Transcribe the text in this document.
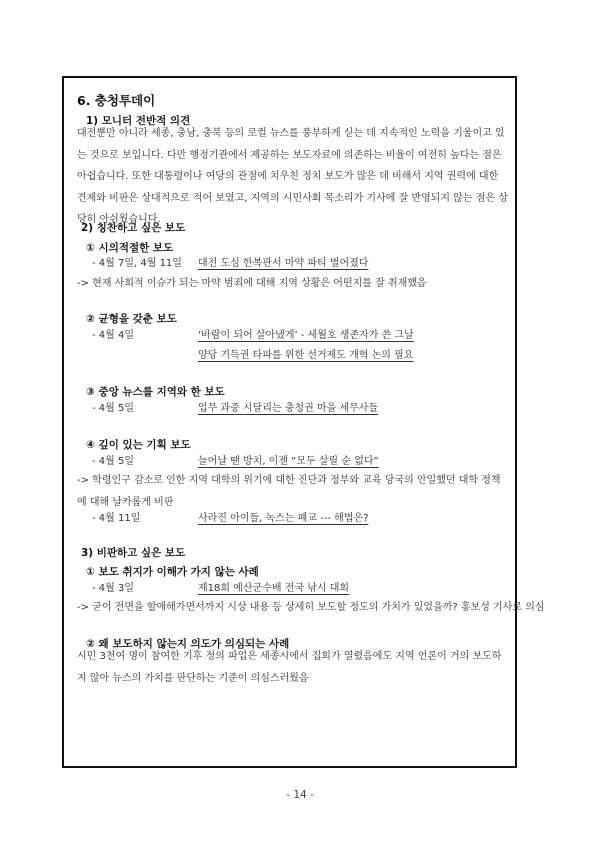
6. 충청투데이
1) 모니터 전반적 의견
대전뿐만 아니라 세종, 충남, 충북 등의 로컬 뉴스를 풍부하게 싣는 데 지속적인 노력을 기울이고 있는 것으로 보입니다. 다만 행정기관에서 제공하는 보도자료에 의존하는 비율이 여전히 높다는 점은 아쉽습니다. 또한 대통령이나 여당의 관점에 치우친 정치 보도가 많은 데 비해서 지역 권력에 대한 견제와 비판은 상대적으로 적어 보였고, 지역의 시민사회 목소리가 기사에 잘 반영되지 않는 점은 상당히 아쉬웠습니다.
2) 칭찬하고 싶은 보도
① 시의적절한 보도
- 4월 7일, 4월 11일 대전 도심 한복판서 마약 파티 벌어졌다
-> 현재 사회적 이슈가 되는 마약 범죄에 대해 지역 상황은 어떤지를 잘 취재했음
② 균형을 갖춘 보도
- 4월 4일	‘바람이 되어 살아냈게’ - 세월호 생존자가 쓴 그날
양당 기득권 타파를 위한 선거제도 개혁 논의 필요
③ 중앙 뉴스를 지역와 한 보도
- 4월 5일	업무 과중 시달리는 충청권 마을 세무사들
④ 깊이 있는 기획 보도
- 4월 5일	늘어날 땐 방치, 이젠 “모두 살릴 순 없다”
-> 학령인구 감소로 인한 지역 대학의 위기에 대한 진단과 정부와 교육 당국의 안일했던 대학 정책에 대해 날카롭게 비판
- 4월 11일	사라진 아이들, 녹스는 폐교 --- 해법은?
3) 비판하고 싶은 보도
① 보도 취지가 이해가 가지 않는 사례
- 4월 3일	제18회 예산군수배 전국 낚시 대회
-> 굳이 전면을 할애해가면서까지 시상 내용 등 상세히 보도할 정도의 가치가 있었을까? 홍보성 기사로 의심
② 왜 보도하지 않는지 의도가 의심되는 사례
시민 3천여 명이 참여한 기후 정의 파업은 세종시에서 집회가 열렸음에도 지역 언론이 거의 보도하지 않아 뉴스의 가치를 판단하는 기준이 의심스러웠음
- 14 -
